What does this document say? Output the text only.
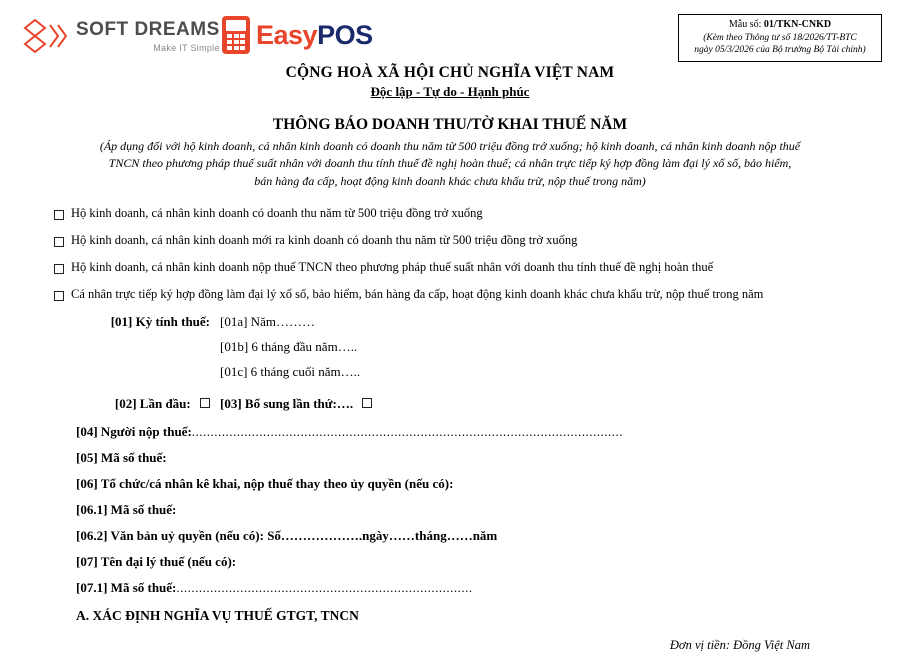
SOFT DREAMS
Make IT Simple EasyPOS	Mẫu số: 01/TKN-CNKD
(Kèm theo Thông tư số 18/2026/TT-BTC
ngày 05/3/2026 của Bộ trưởng Bộ Tài chính)
CỘNG HOÀ XÃ HỘI CHỦ NGHĨA VIỆT NAM
Độc lập - Tự do - Hạnh phúc
THÔNG BÁO DOANH THU/TỜ KHAI THUẾ NĂM
(Áp dụng đối với hộ kinh doanh, cá nhân kinh doanh có doanh thu năm từ 500 triệu đồng trở xuống; hộ kinh doanh, cá nhân kinh doanh nộp thuế
TNCN theo phương pháp thuế suất nhân với doanh thu tính thuế đề nghị hoàn thuế; cá nhân trực tiếp ký hợp đồng làm đại lý xổ số, bảo hiểm,
bán hàng đa cấp, hoạt động kinh doanh khác chưa khấu trừ, nộp thuế trong năm)
Hộ kinh doanh, cá nhân kinh doanh có doanh thu năm từ 500 triệu đồng trở xuống
Hộ kinh doanh, cá nhân kinh doanh mới ra kinh doanh có doanh thu năm từ 500 triệu đồng trở xuống
Hộ kinh doanh, cá nhân kinh doanh nộp thuế TNCN theo phương pháp thuế suất nhân với doanh thu tính thuế đề nghị hoàn thuế
Cá nhân trực tiếp ký hợp đồng làm đại lý xổ số, bảo hiểm, bán hàng đa cấp, hoạt động kinh doanh khác chưa khấu trừ, nộp thuế trong năm
[01] Kỳ tính thuế: [01a] Năm………
[01b] 6 tháng đầu năm…..
[01c] 6 tháng cuối năm…..
[02] Lần đầu:	[03] Bổ sung lần thứ:….
[04] Người nộp thuế:...................................................................................................................
[05] Mã số thuế:
[06] Tổ chức/cá nhân kê khai, nộp thuế thay theo ủy quyền (nếu có):
[06.1] Mã số thuế:
[06.2] Văn bản uỷ quyền (nếu có): Số……………….ngày……tháng……năm
[07] Tên đại lý thuế (nếu có):
[07.1] Mã số thuế:...............................................................................
A. XÁC ĐỊNH NGHĨA VỤ THUẾ GTGT, TNCN
Đơn vị tiền: Đồng Việt Nam
